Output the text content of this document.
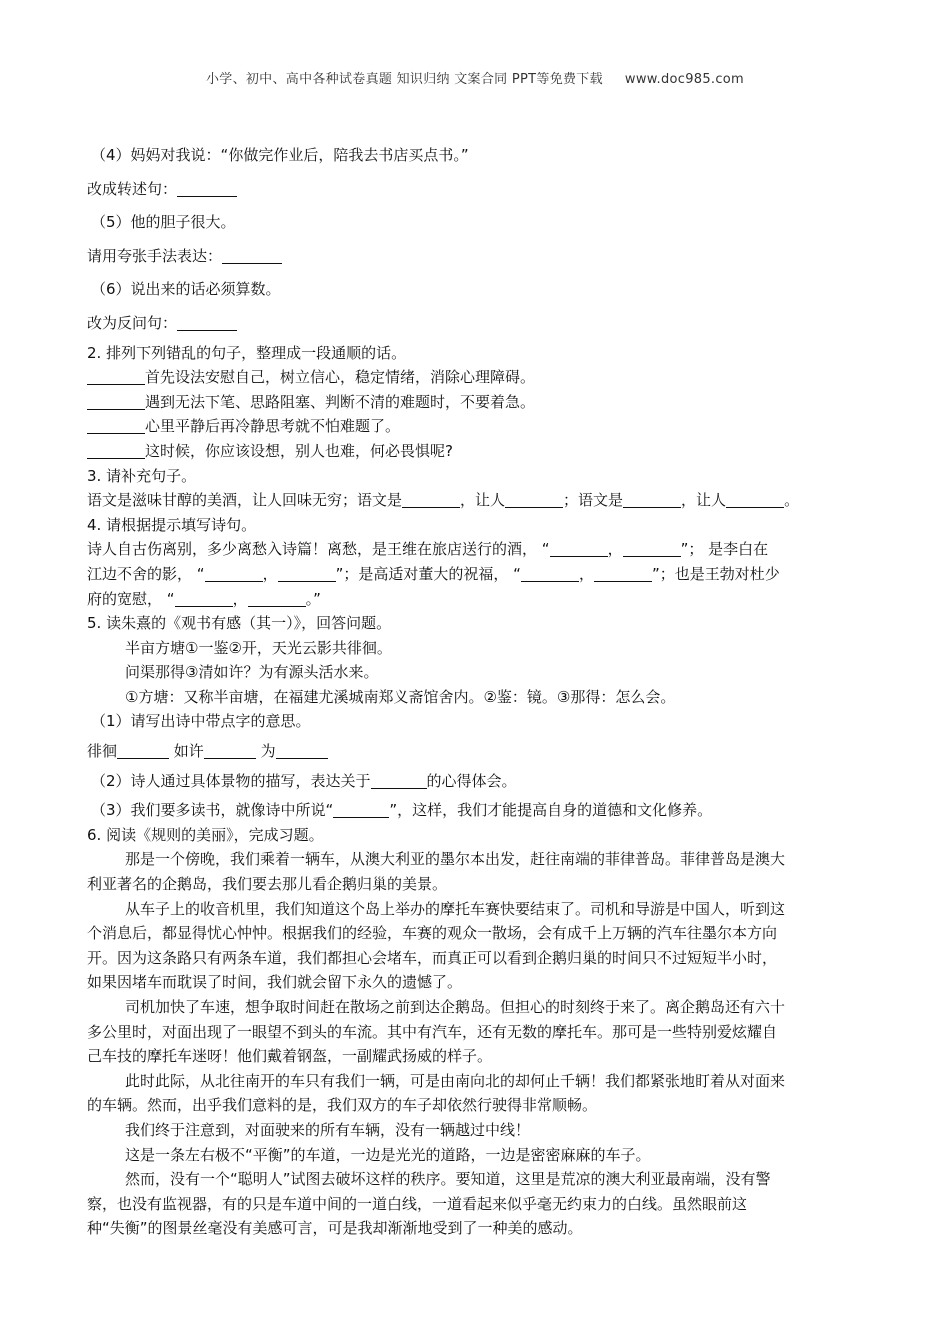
小学、初中、高中各种试卷真题 知识归纳 文案合同 PPT等免费下载 www.doc985.com

（4）妈妈对我说：“你做完作业后，陪我去书店买点书。”

改成转述句：

（5）他的胆子很大。

请用夸张手法表达：

（6）说出来的话必须算数。

改为反问句：

2. 排列下列错乱的句子，整理成一段通顺的话。

首先设法安慰自己，树立信心，稳定情绪，消除心理障碍。

遇到无法下笔、思路阻塞、判断不清的难题时，不要着急。

心里平静后再冷静思考就不怕难题了。

这时候，你应该设想，别人也难，何必畏惧呢?

3. 请补充句子。

语文是滋味甘醇的美酒，让人回味无穷；语文是	，让人	；语文是	，让人	。

4. 请根据提示填写诗句。

诗人自古伤离别，多少离愁入诗篇！离愁，是王维在旅店送行的酒， “	，	”； 是李白在

江边不舍的影， “	，	”；是高适对董大的祝福， “	，	”；也是王勃对杜少

府的宽慰， “	，	。”

5. 读朱熹的《观书有感（其一）》，回答问题。

半亩方塘①一鉴②开，天光云影共徘徊。

问渠那得③清如许？为有源头活水来。

①方塘：又称半亩塘，在福建尤溪城南郑义斋馆舍内。②鉴：镜。③那得：怎么会。

（1）请写出诗中带点字的意思。

徘徊	如许	为

（2）诗人通过具体景物的描写，表达关于	的心得体会。

（3）我们要多读书，就像诗中所说“	”，这样，我们才能提高自身的道德和文化修养。

6. 阅读《规则的美丽》，完成习题。

那是一个傍晚，我们乘着一辆车，从澳大利亚的墨尔本出发，赶往南端的菲律普岛。菲律普岛是澳大

利亚著名的企鹅岛，我们要去那儿看企鹅归巢的美景。

从车子上的收音机里，我们知道这个岛上举办的摩托车赛快要结束了。司机和导游是中国人，听到这

个消息后，都显得忧心忡忡。根据我们的经验，车赛的观众一散场，会有成千上万辆的汽车往墨尔本方向

开。因为这条路只有两条车道，我们都担心会堵车，而真正可以看到企鹅归巢的时间只不过短短半小时，

如果因堵车而耽误了时间，我们就会留下永久的遗憾了。

司机加快了车速，想争取时间赶在散场之前到达企鹅岛。但担心的时刻终于来了。离企鹅岛还有六十

多公里时，对面出现了一眼望不到头的车流。其中有汽车，还有无数的摩托车。那可是一些特别爱炫耀自

己车技的摩托车迷呀！他们戴着钢盔，一副耀武扬威的样子。

此时此际，从北往南开的车只有我们一辆，可是由南向北的却何止千辆！我们都紧张地盯着从对面来

的车辆。然而，出乎我们意料的是，我们双方的车子却依然行驶得非常顺畅。

我们终于注意到，对面驶来的所有车辆，没有一辆越过中线！

这是一条左右极不“平衡”的车道，一边是光光的道路，一边是密密麻麻的车子。

然而，没有一个“聪明人”试图去破坏这样的秩序。要知道，这里是荒凉的澳大利亚最南端，没有警

察，也没有监视器，有的只是车道中间的一道白线，一道看起来似乎毫无约束力的白线。虽然眼前这

种“失衡”的图景丝毫没有美感可言，可是我却渐渐地受到了一种美的感动。
